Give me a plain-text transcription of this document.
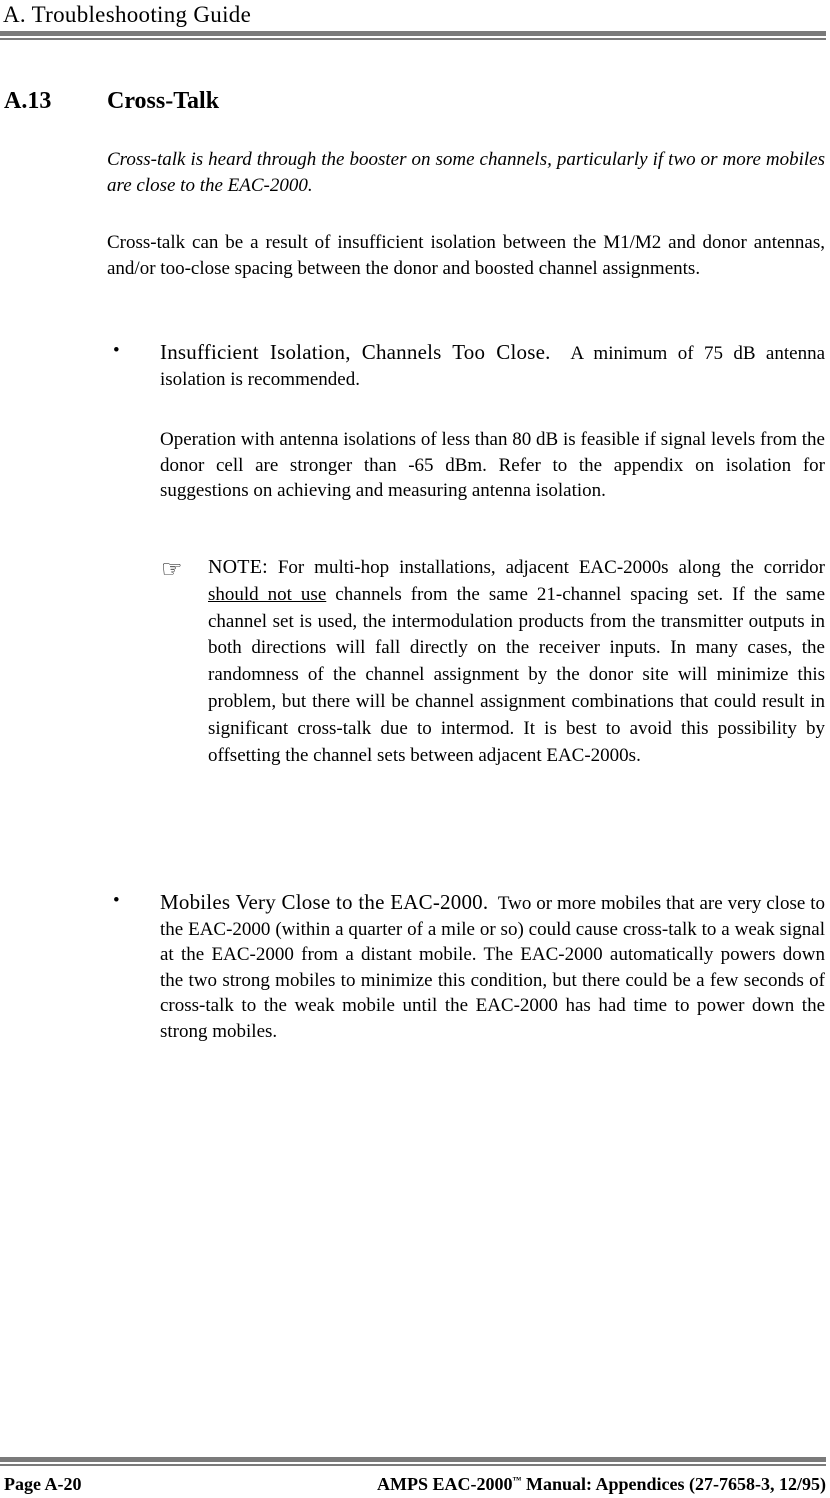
A. Troubleshooting Guide
A.13 Cross-Talk
Cross-talk is heard through the booster on some channels, particularly if two or more mobiles are close to the EAC-2000.
Cross-talk can be a result of insufficient isolation between the M1/M2 and donor antennas, and/or too-close spacing between the donor and boosted channel assignments.
• Insufficient Isolation, Channels Too Close. A minimum of 75 dB antenna isolation is recommended.
Operation with antenna isolations of less than 80 dB is feasible if signal levels from the donor cell are stronger than -65 dBm. Refer to the appendix on isolation for suggestions on achieving and measuring antenna isolation.
☞ NOTE: For multi-hop installations, adjacent EAC-2000s along the corridor should not use channels from the same 21-channel spacing set. If the same channel set is used, the intermodulation products from the transmitter outputs in both directions will fall directly on the receiver inputs. In many cases, the randomness of the channel assignment by the donor site will minimize this problem, but there will be channel assignment combinations that could result in significant cross-talk due to intermod. It is best to avoid this possibility by offsetting the channel sets between adjacent EAC-2000s.
• Mobiles Very Close to the EAC-2000. Two or more mobiles that are very close to the EAC-2000 (within a quarter of a mile or so) could cause cross-talk to a weak signal at the EAC-2000 from a distant mobile. The EAC-2000 automatically powers down the two strong mobiles to minimize this condition, but there could be a few seconds of cross-talk to the weak mobile until the EAC-2000 has had time to power down the strong mobiles.
Page A-20	AMPS EAC-2000™ Manual: Appendices (27-7658-3, 12/95)
